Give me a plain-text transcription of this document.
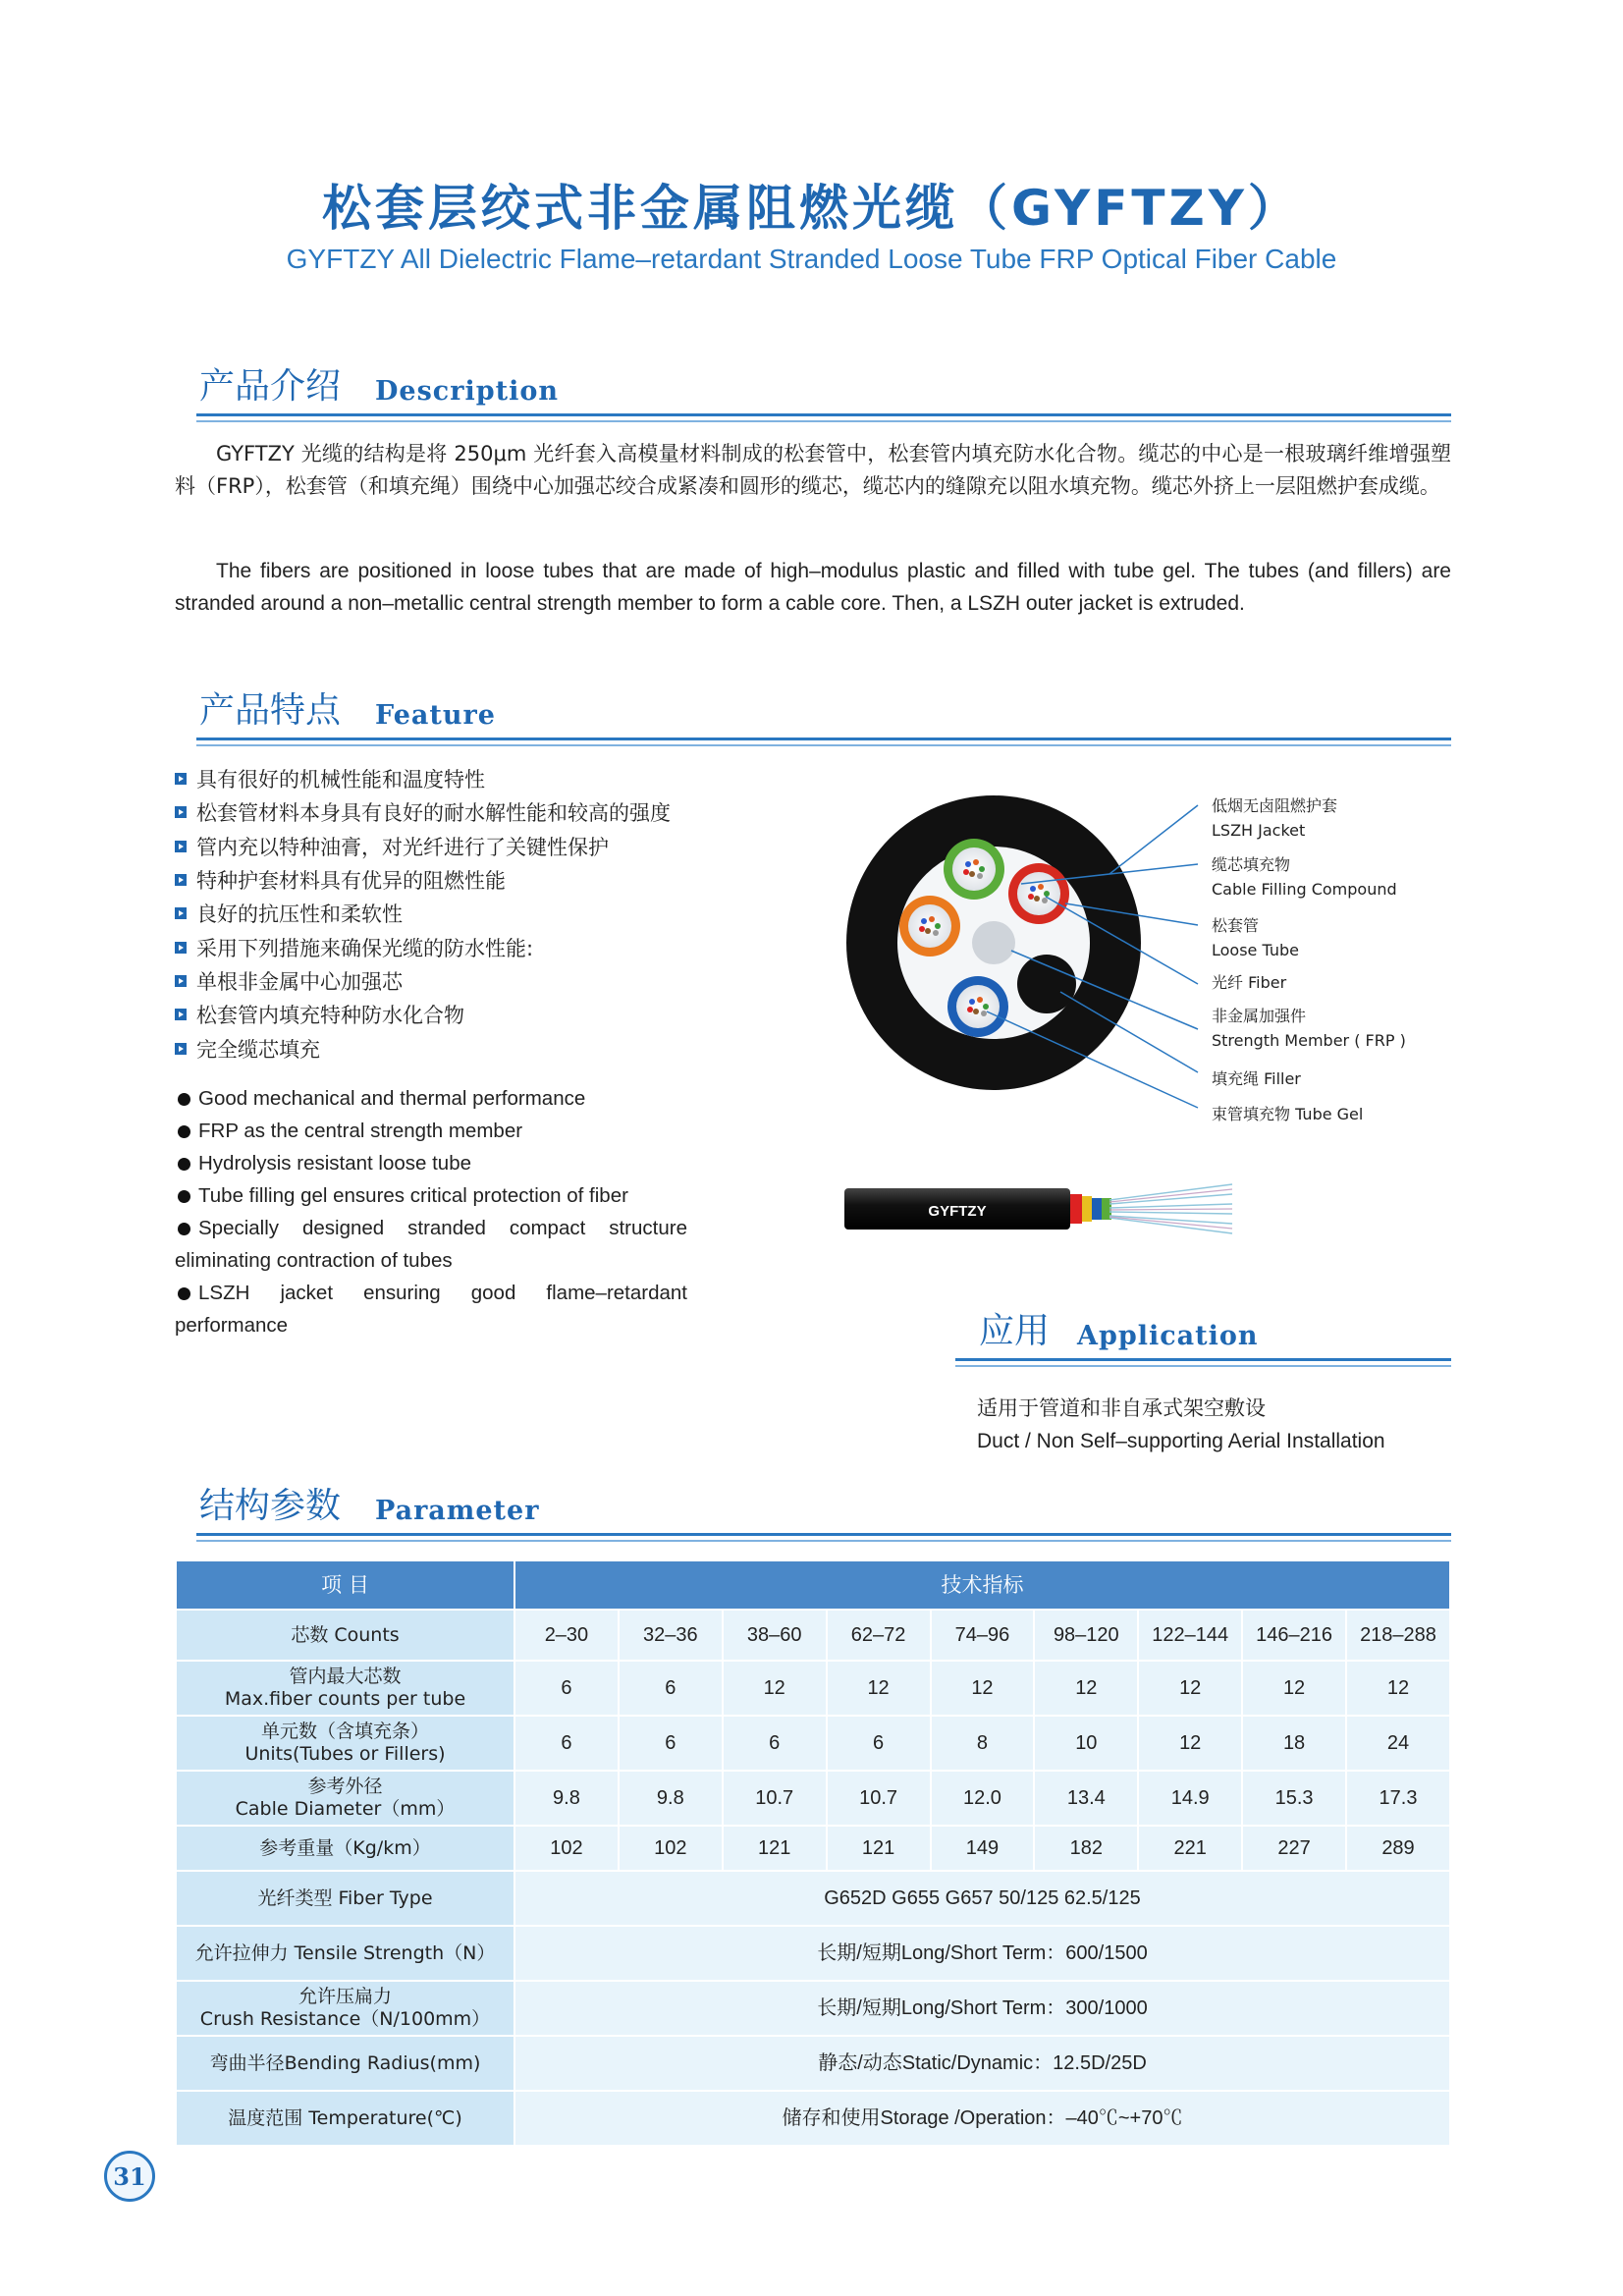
松套层绞式非金属阻燃光缆（GYFTZY）
GYFTZY All Dielectric Flame–retardant Stranded Loose Tube FRP Optical Fiber Cable
产品介绍 Description
GYFTZY 光缆的结构是将 250μm 光纤套入高模量材料制成的松套管中，松套管内填充防水化合物。缆芯的中心是一根玻璃纤维增强塑料（FRP），松套管（和填充绳）围绕中心加强芯绞合成紧凑和圆形的缆芯，缆芯内的缝隙充以阻水填充物。缆芯外挤上一层阻燃护套成缆。
The fibers are positioned in loose tubes that are made of high–modulus plastic and filled with tube gel. The tubes (and fillers) are stranded around a non–metallic central strength member to form a cable core. Then, a LSZH outer jacket is extruded.
产品特点 Feature
具有很好的机械性能和温度特性
松套管材料本身具有良好的耐水解性能和较高的强度
管内充以特种油膏，对光纤进行了关键性保护
特种护套材料具有优异的阻燃性能
良好的抗压性和柔软性
采用下列措施来确保光缆的防水性能:
单根非金属中心加强芯
松套管内填充特种防水化合物
完全缆芯填充
Good mechanical and thermal performance
FRP as the central strength member
Hydrolysis resistant loose tube
Tube filling gel ensures critical protection of fiber
Specially designed stranded compact structure eliminating contraction of tubes
LSZH jacket ensuring good flame–retardant performance
低烟无卤阻燃护套
LSZH Jacket
缆芯填充物
Cable Filling Compound
松套管
Loose Tube
光纤 Fiber
非金属加强件
Strength Member ( FRP )
填充绳 Filler
束管填充物 Tube Gel
GYFTZY
应用 Application
适用于管道和非自承式架空敷设
Duct / Non Self–supporting Aerial Installation
结构参数 Parameter
项 目	技术指标								
芯数 Counts	2–30	32–36	38–60	62–72	74–96	98–120	122–144	146–216	218–288

管内最大芯数
Max.fiber counts per tube	6	6	12	12	12	12	12	12	12

单元数（含填充条）
Units(Tubes or Fillers)	6	6	6	6	8	10	12	18	24

参考外径
Cable Diameter（mm）	9.8	9.8	10.7	10.7	12.0	13.4	14.9	15.3	17.3
参考重量（Kg/km）	102	102	121	121	149	182	221	227	289
光纤类型 Fiber Type	G652D G655 G657 50/125 62.5/125								
允许拉伸力 Tensile Strength（N）	长期/短期Long/Short Term：600/1500								

允许压扁力
Crush Resistance（N/100mm）	长期/短期Long/Short Term：300/1000								
弯曲半径Bending Radius(mm)	静态/动态Static/Dynamic：12.5D/25D								
温度范围 Temperature(℃)	储存和使用Storage /Operation：–40℃~+70℃								
31
